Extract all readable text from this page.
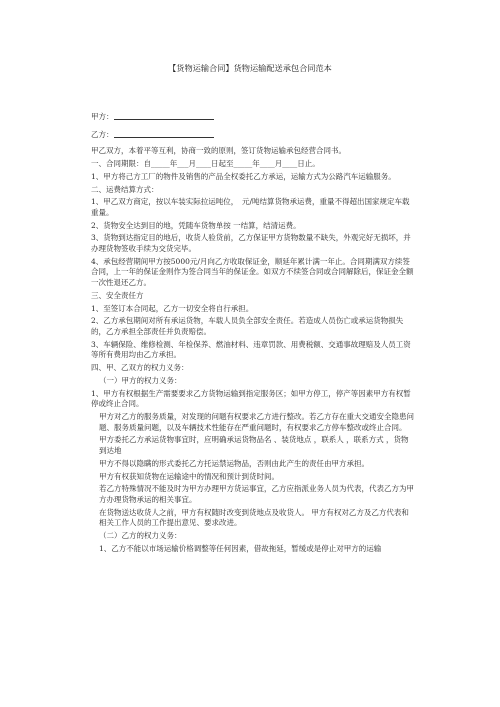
【货物运输合同】货物运输配送承包合同范本
甲方：
乙方：

甲乙双方，本着平等互利，协商一致的原则，签订货物运输承包经营合同书。

一、合同期限：自_____年___月____日起至_____年____月____日止。

1、甲方将己方工厂的物件及销售的产品全权委托乙方承运，运输方式为公路汽车运输服务。

二、运费结算方式：

1、甲乙双方商定，按以车装实际拉运吨位，　元/吨结算货物承运费，重量不得超出国家规定车载重量。

2、货物安全达到目的地，凭随车货物单按 一结算，结清运费。

3、货物到达指定目的地后，收货人验货前，乙方保证甲方货物数量不缺失，外观完好无损坏，并办理货物签收手续为交货完毕。

4、承包经营期间甲方按5000元/月向乙方收取保证金，顺延年累计满一年止。合同期满双方续签合同，上一年的保证金则作为签合同当年的保证金。如双方不续签合同或合同解除后，保证金全额一次性退还乙方。

三、安全责任方

1、至签订本合同起，乙方一切安全将自行承担。

2、乙方承包期间对所有承运货物，车载人员负全部安全责任。若造成人员伤亡或承运货物损失的，乙方承担全部责任并负责赔偿。

3、车辆保险、维修检测、年检保养、燃油材料、违章罚款、用费税额、交通事故理赔及人员工资等所有费用均由乙方承担。

四、甲、乙双方的权力义务：

（一）甲方的权力义务：

1、甲方有权根据生产需要要求乙方货物运输到指定服务区；如甲方停工，停产等因素甲方有权暂停或终止合同。

甲方对乙方的服务质量，对发现的问题有权要求乙方进行整改。若乙方存在重大交通安全隐患问题、服务质量问题，以及车辆技术性能存在严重问题时，有权要求乙方停车整改或终止合同。

甲方委托乙方承运货物事宜时，应明确承运货物品名 、装货地点 ，联系人 ，联系方式 ，货物到达地

甲方不得以隐瞒的形式委托乙方托运禁运物品，否则由此产生的责任由甲方承担。

甲方有权获知货物在运输途中的情况和预计到货时间。

若乙方特殊情况不能及时为甲方办理甲方货运事宜，乙方应指派业务人员为代表，代表乙方为甲方办理货物承运的相关事宜。

在货物送达收货人之前，甲方有权随时改变到货地点及收货人。 甲方有权对乙方及乙方代表和相关工作人员的工作提出意见、要求改进。

（二）乙方的权力义务：

1、乙方不能以市场运输价格调整等任何因素，借故拖延，暂缓或是停止对甲方的运输
